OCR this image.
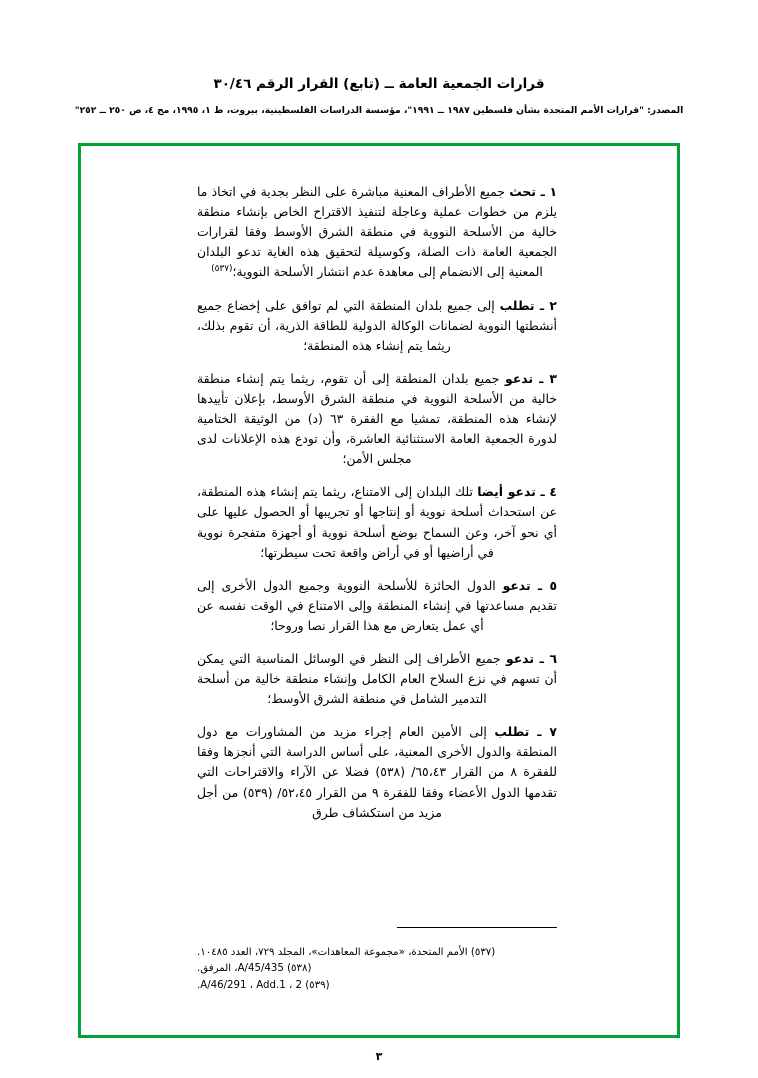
قرارات الجمعية العامة ــ (تابع) القرار الرقم ٣٠/٤٦
المصدر: "قرارات الأمم المتحدة بشأن فلسطين ١٩٨٧ ــ ١٩٩١"، مؤسسة الدراسات الفلسطينية، بيروت، ط ١، ١٩٩٥، مج ٤، ص ٢٥٠ ــ ٢٥٢"

١ ـ تحث جميع الأطراف المعنية مباشرة على النظر بجدية في اتخاذ ما يلزم من خطوات عملية وعاجلة لتنفيذ الاقتراح الخاص بإنشاء منطقة خالية من الأسلحة النووية في منطقة الشرق الأوسط وفقا لقرارات الجمعية العامة ذات الصلة، وكوسيلة لتحقيق هذه الغاية تدعو البلدان المعنية إلى الانضمام إلى معاهدة عدم انتشار الأسلحة النووية؛$^{(٥٣٧)}$

٢ ـ تطلب إلى جميع بلدان المنطقة التي لم توافق على إخضاع جميع أنشطتها النووية لضمانات الوكالة الدولية للطاقة الذرية، أن تقوم بذلك، ريثما يتم إنشاء هذه المنطقة؛

٣ ـ تدعو جميع بلدان المنطقة إلى أن تقوم، ريثما يتم إنشاء منطقة خالية من الأسلحة النووية في منطقة الشرق الأوسط، بإعلان تأييدها لإنشاء هذه المنطقة، تمشيا مع الفقرة ٦٣ (د) من الوثيقة الختامية لدورة الجمعية العامة الاستثنائية العاشرة، وأن تودع هذه الإعلانات لدى مجلس الأمن؛

٤ ـ تدعو أيضا تلك البلدان إلى الامتناع، ريثما يتم إنشاء هذه المنطقة، عن استحداث أسلحة نووية أو إنتاجها أو تجريبها أو الحصول عليها على أي نحو آخر، وعن السماح بوضع أسلحة نووية أو أجهزة متفجرة نووية في أراضيها أو في أراض واقعة تحت سيطرتها؛

٥ ـ تدعو الدول الحائزة للأسلحة النووية وجميع الدول الأخرى إلى تقديم مساعدتها في إنشاء المنطقة وإلى الامتناع في الوقت نفسه عن أي عمل يتعارض مع هذا القرار نصا وروحا؛

٦ ـ تدعو جميع الأطراف إلى النظر في الوسائل المناسبة التي يمكن أن تسهم في نزع السلاح العام الكامل وإنشاء منطقة خالية من أسلحة التدمير الشامل في منطقة الشرق الأوسط؛

٧ ـ تطلب إلى الأمين العام إجراء مزيد من المشاورات مع دول المنطقة والدول الأخرى المعنية، على أساس الدراسة التي أنجزها وفقا للفقرة ٨ من القرار ٦٥،٤٣/ (٥٣٨) فضلا عن الآراء والاقتراحات التي تقدمها الدول الأعضاء وفقا للفقرة ٩ من القرار ٥٢،٤٥/ (٥٣٩) من أجل مزيد من استكشاف طرق

(٥٣٧) الأمم المتحدة، «مجموعة المعاهدات»، المجلد ٧٢٩، العدد ١٠٤٨٥.
(٥٣٨) A/45/435، المرفق.
(٥٣٩) A/46/291 ، Add.1 ، 2.
٣
